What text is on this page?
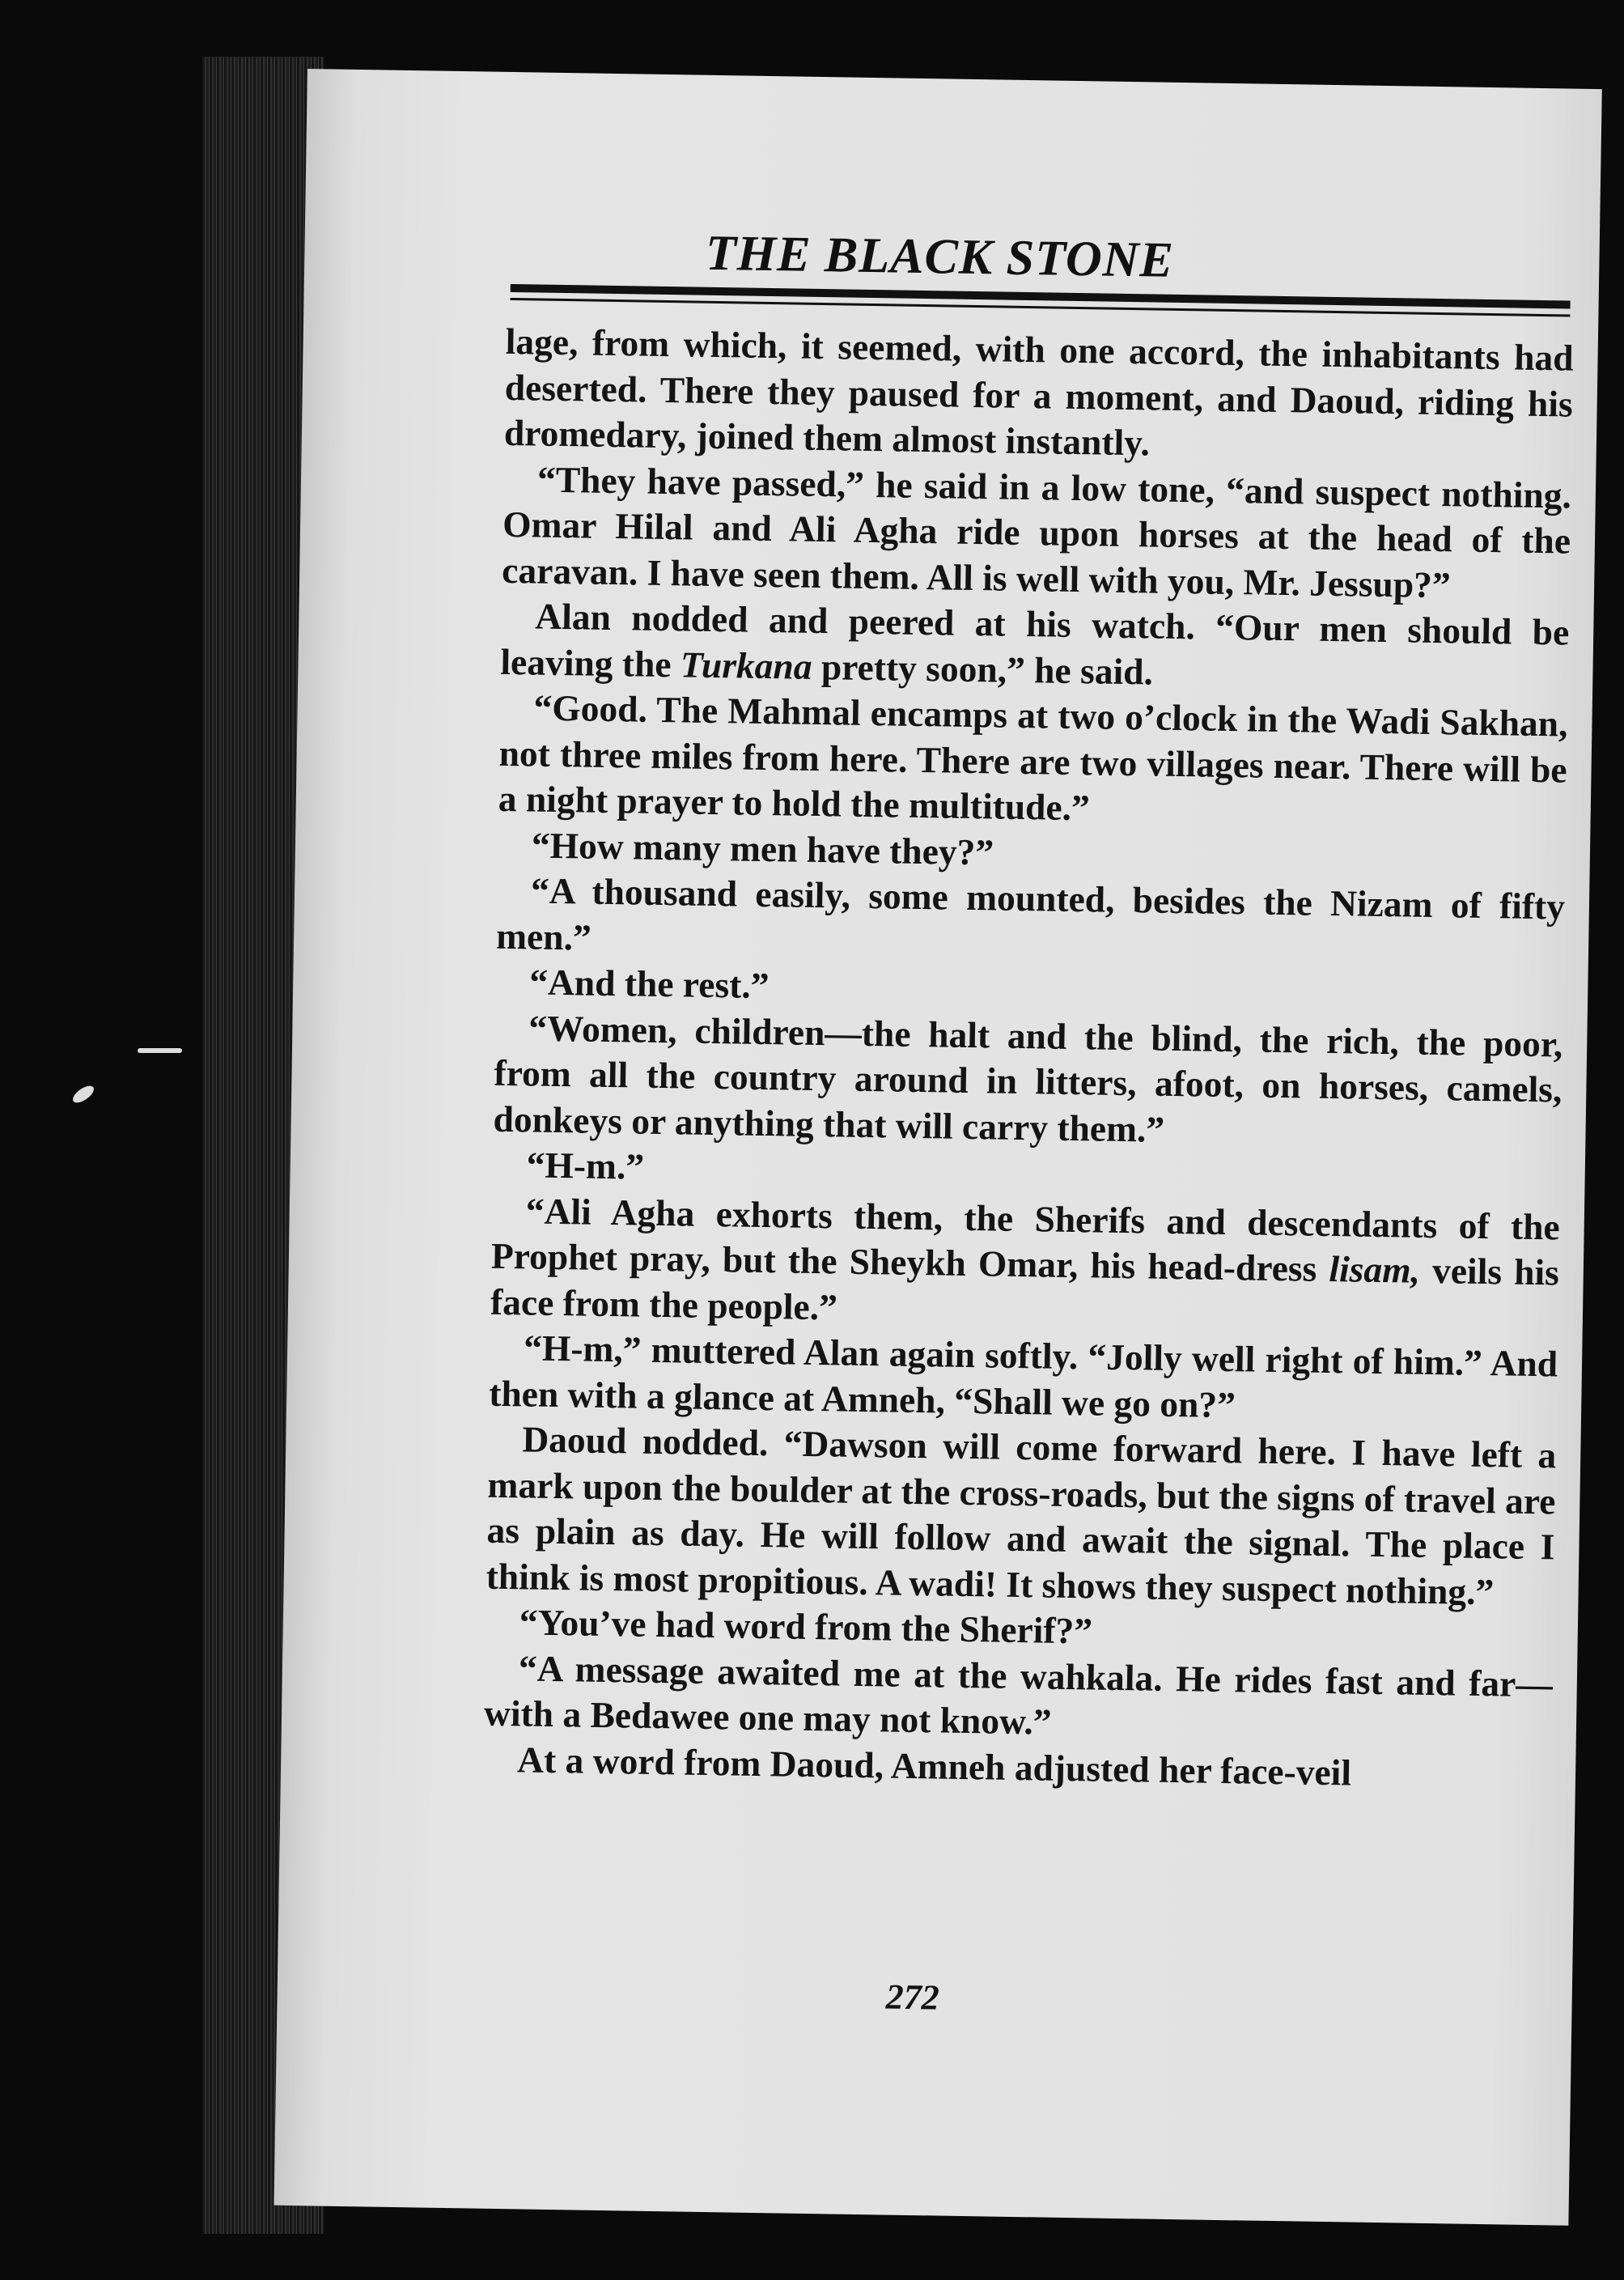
THE BLACK STONE

lage, from which, it seemed, with one accord, the inhabitants had deserted. There they paused for a moment, and Daoud, riding his dromedary, joined them almost instantly.

“They have passed,” he said in a low tone, “and suspect nothing. Omar Hilal and Ali Agha ride upon horses at the head of the caravan. I have seen them. All is well with you, Mr. Jessup?”

Alan nodded and peered at his watch. “Our men should be leaving the Turkana pretty soon,” he said.

“Good. The Mahmal encamps at two o’clock in the Wadi Sakhan, not three miles from here. There are two villages near. There will be a night prayer to hold the multitude.”

“How many men have they?”

“A thousand easily, some mounted, besides the Nizam of fifty men.”

“And the rest.”

“Women, children—the halt and the blind, the rich, the poor, from all the country around in litters, afoot, on horses, camels, donkeys or anything that will carry them.”

“H-m.”

“Ali Agha exhorts them, the Sherifs and descendants of the Prophet pray, but the Sheykh Omar, his head-dress lisam, veils his face from the people.”

“H-m,” muttered Alan again softly. “Jolly well right of him.” And then with a glance at Amneh, “Shall we go on?”

Daoud nodded. “Dawson will come forward here. I have left a mark upon the boulder at the cross-roads, but the signs of travel are as plain as day. He will follow and await the signal. The place I think is most propitious. A wadi! It shows they suspect nothing.”

“You’ve had word from the Sherif?”

“A message awaited me at the wahkala. He rides fast and far—with a Bedawee one may not know.”

At a word from Daoud, Amneh adjusted her face-veil

272
